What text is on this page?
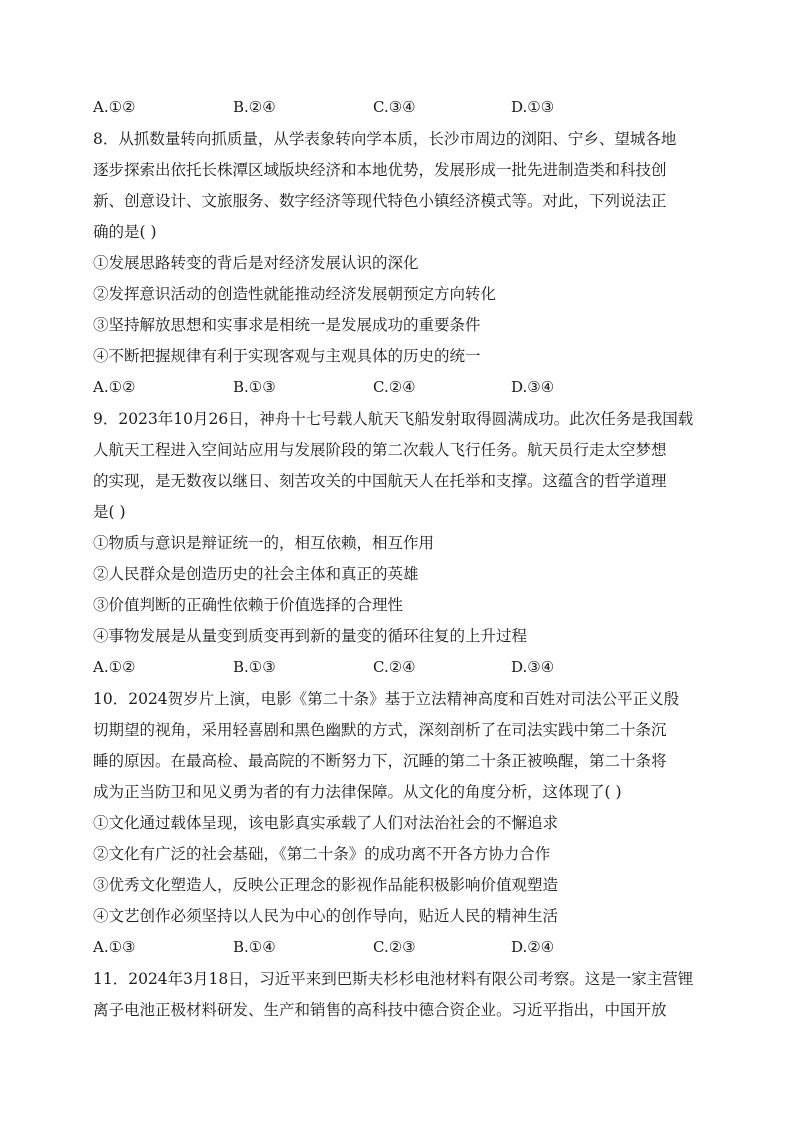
A.①②	B.②④	C.③④	D.①③
8．从抓数量转向抓质量，从学表象转向学本质，长沙市周边的浏阳、宁乡、望城各地
逐步探索出依托长株潭区域版块经济和本地优势，发展形成一批先进制造类和科技创
新、创意设计、文旅服务、数字经济等现代特色小镇经济模式等。对此，下列说法正
确的是( )
①发展思路转变的背后是对经济发展认识的深化
②发挥意识活动的创造性就能推动经济发展朝预定方向转化
③坚持解放思想和实事求是相统一是发展成功的重要条件
④不断把握规律有利于实现客观与主观具体的历史的统一
A.①②	B.①③	C.②④	D.③④
9．2023年10月26日，神舟十七号载人航天飞船发射取得圆满成功。此次任务是我国载
人航天工程进入空间站应用与发展阶段的第二次载人飞行任务。航天员行走太空梦想
的实现，是无数夜以继日、刻苦攻关的中国航天人在托举和支撑。这蕴含的哲学道理
是( )
①物质与意识是辩证统一的，相互依赖，相互作用
②人民群众是创造历史的社会主体和真正的英雄
③价值判断的正确性依赖于价值选择的合理性
④事物发展是从量变到质变再到新的量变的循环往复的上升过程
A.①②	B.①③	C.②④	D.③④
10．2024贺岁片上演，电影《第二十条》基于立法精神高度和百姓对司法公平正义殷
切期望的视角，采用轻喜剧和黑色幽默的方式，深刻剖析了在司法实践中第二十条沉
睡的原因。在最高检、最高院的不断努力下，沉睡的第二十条正被唤醒，第二十条将
成为正当防卫和见义勇为者的有力法律保障。从文化的角度分析，这体现了( )
①文化通过载体呈现，该电影真实承载了人们对法治社会的不懈追求
②文化有广泛的社会基础，《第二十条》的成功离不开各方协力合作
③优秀文化塑造人，反映公正理念的影视作品能积极影响价值观塑造
④文艺创作必须坚持以人民为中心的创作导向，贴近人民的精神生活
A.①③	B.①④	C.②③	D.②④
11．2024年3月18日，习近平来到巴斯夫杉杉电池材料有限公司考察。这是一家主营锂
离子电池正极材料研发、生产和销售的高科技中德合资企业。习近平指出，中国开放
